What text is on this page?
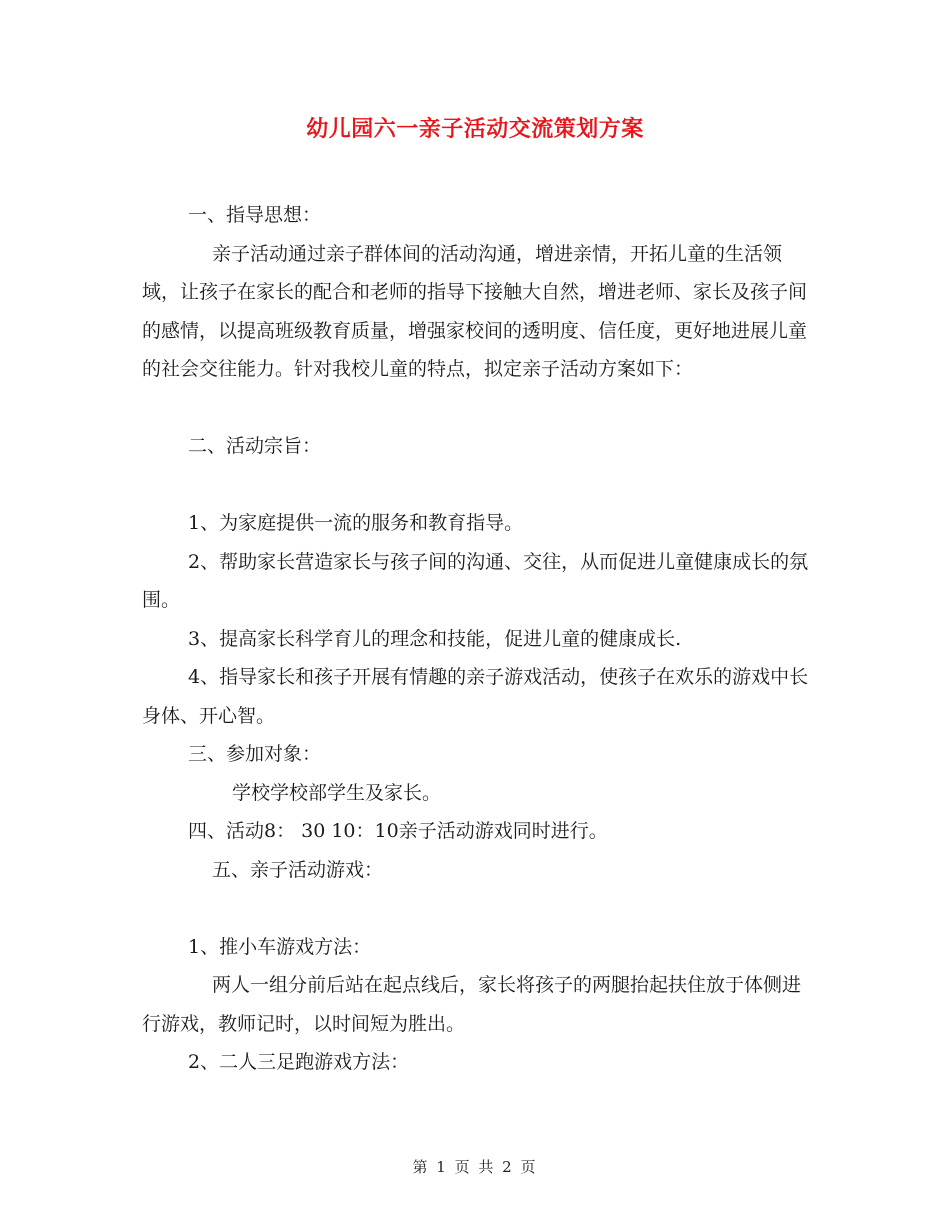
幼儿园六一亲子活动交流策划方案

一、指导思想：

亲子活动通过亲子群体间的活动沟通，增进亲情，开拓儿童的生活领域，让孩子在家长的配合和老师的指导下接触大自然，增进老师、家长及孩子间的感情，以提高班级教育质量，增强家校间的透明度、信任度，更好地进展儿童的社会交往能力。针对我校儿童的特点，拟定亲子活动方案如下：

二、活动宗旨：

1、为家庭提供一流的服务和教育指导。

2、帮助家长营造家长与孩子间的沟通、交往，从而促进儿童健康成长的氛围。

3、提高家长科学育儿的理念和技能，促进儿童的健康成长.

4、指导家长和孩子开展有情趣的亲子游戏活动，使孩子在欢乐的游戏中长身体、开心智。

三、参加对象：

学校学校部学生及家长。

四、活动8： 30 10：10亲子活动游戏同时进行。

五、亲子活动游戏：

1、推小车游戏方法：

两人一组分前后站在起点线后，家长将孩子的两腿抬起扶住放于体侧进行游戏，教师记时，以时间短为胜出。

2、二人三足跑游戏方法：

第 1 页 共 2 页
